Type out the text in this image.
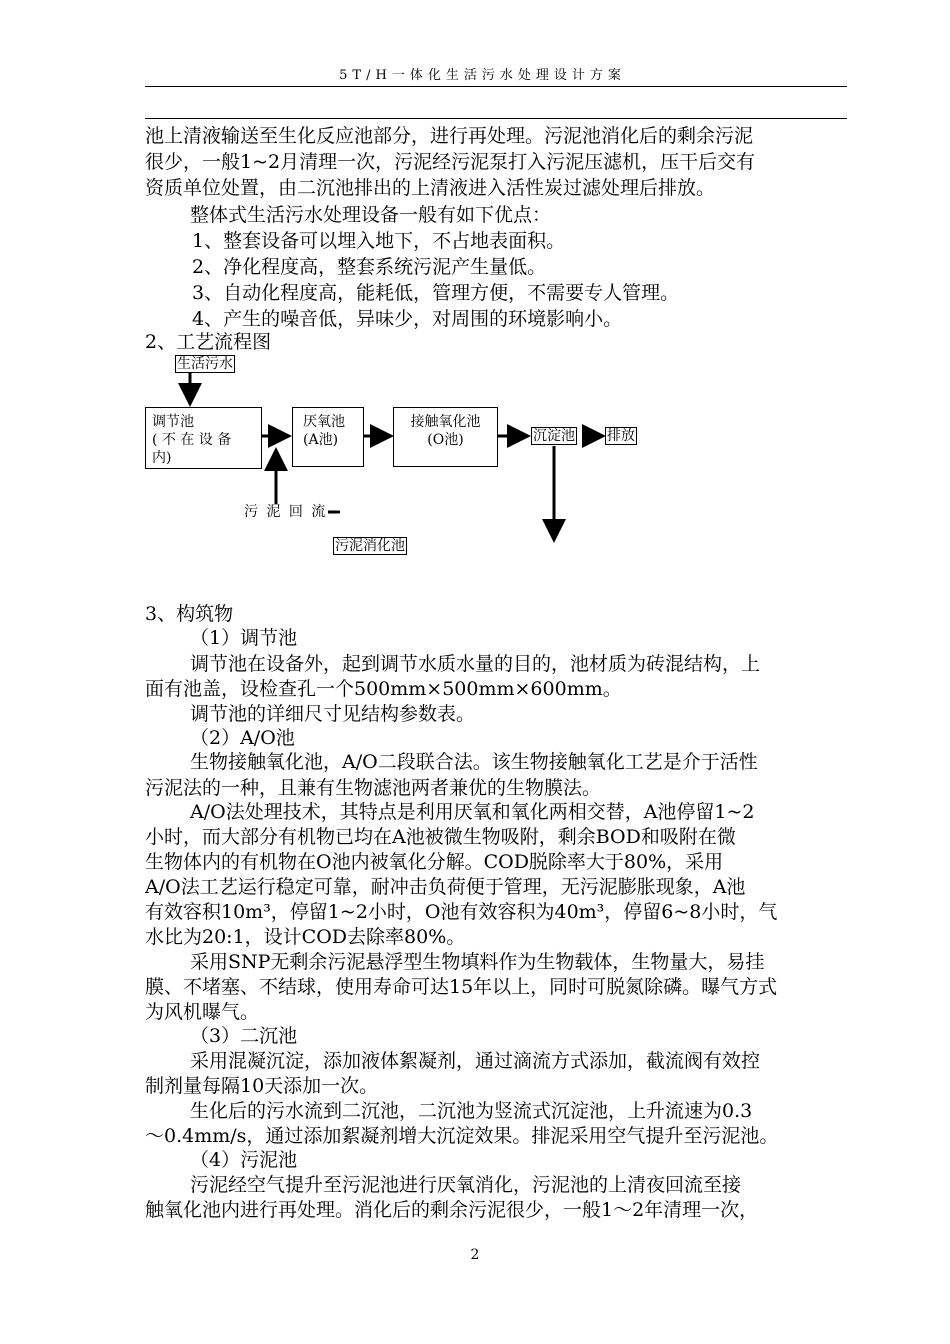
5T/H一体化生活污水处理设计方案
池上清液输送至生化反应池部分，进行再处理。污泥池消化后的剩余污泥
很少，一般1~2月清理一次，污泥经污泥泵打入污泥压滤机，压干后交有
资质单位处置，由二沉池排出的上清液进入活性炭过滤处理后排放。
整体式生活污水处理设备一般有如下优点：
1、整套设备可以埋入地下，不占地表面积。
2、净化程度高，整套系统污泥产生量低。
3、自动化程度高，能耗低，管理方便，不需要专人管理。
4、产生的噪音低，异味少，对周围的环境影响小。
2、工艺流程图
生活污水
调节池
( 不 在 设 备
内)
厌氧池
(A池)
接触氧化池
(O池)	沉淀池 排放
污 泥 回 流
污泥消化池
3、构筑物
（1）调节池
调节池在设备外，起到调节水质水量的目的，池材质为砖混结构，上
面有池盖，设检查孔一个500mm×500mm×600mm。
调节池的详细尺寸见结构参数表。
（2）A/O池
生物接触氧化池，A/O二段联合法。该生物接触氧化工艺是介于活性
污泥法的一种，且兼有生物滤池两者兼优的生物膜法。
A/O法处理技术，其特点是利用厌氧和氧化两相交替，A池停留1~2
小时，而大部分有机物已均在A池被微生物吸附，剩余BOD和吸附在微
生物体内的有机物在O池内被氧化分解。COD脱除率大于80%，采用
A/O法工艺运行稳定可靠，耐冲击负荷便于管理，无污泥膨胀现象，A池
有效容积10m³，停留1~2小时，O池有效容积为40m³，停留6~8小时，气
水比为20:1，设计COD去除率80%。
采用SNP无剩余污泥悬浮型生物填料作为生物载体，生物量大，易挂
膜、不堵塞、不结球，使用寿命可达15年以上，同时可脱氮除磷。曝气方式
为风机曝气。
（3）二沉池
采用混凝沉淀，添加液体絮凝剂，通过滴流方式添加，截流阀有效控
制剂量每隔10天添加一次。
生化后的污水流到二沉池，二沉池为竖流式沉淀池，上升流速为0.3
～0.4mm/s，通过添加絮凝剂增大沉淀效果。排泥采用空气提升至污泥池。
（4）污泥池
污泥经空气提升至污泥池进行厌氧消化，污泥池的上清夜回流至接
触氧化池内进行再处理。消化后的剩余污泥很少，一般1～2年清理一次，
2
